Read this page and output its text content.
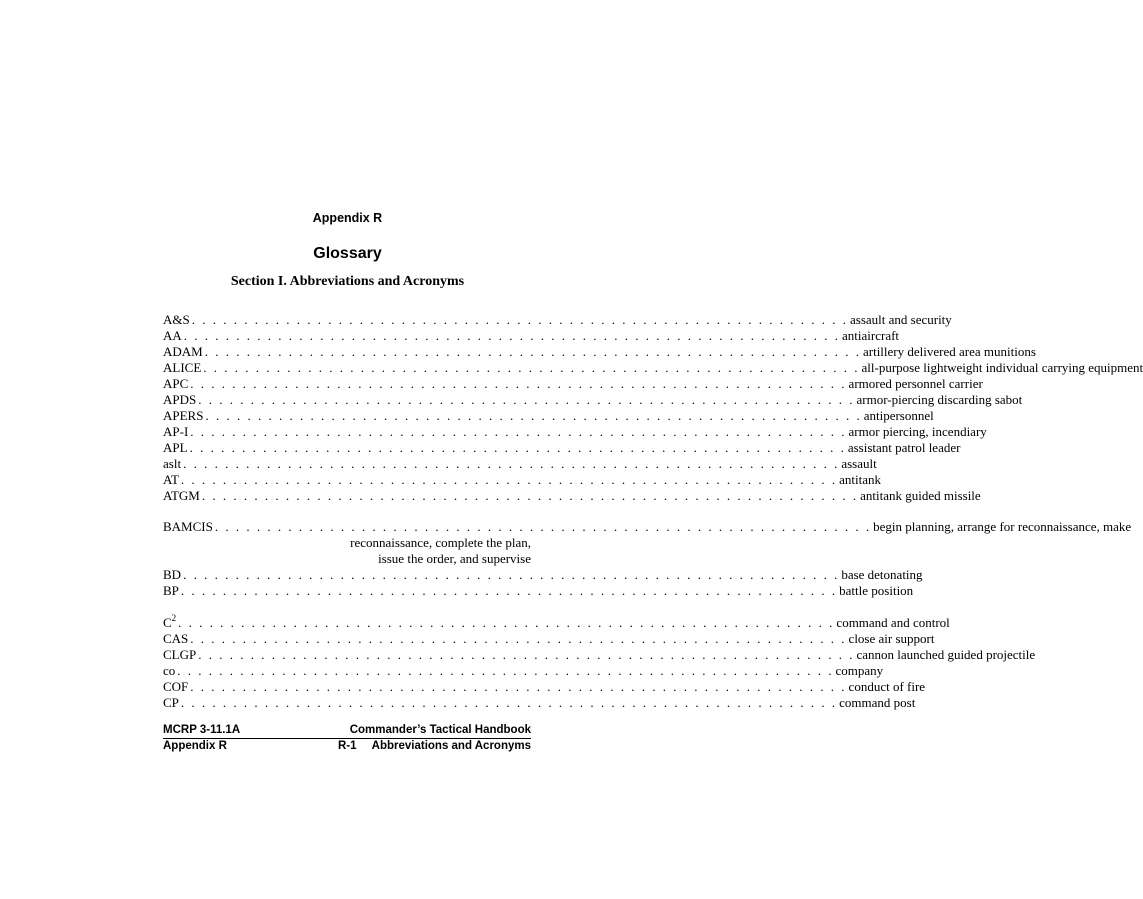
Appendix R
Glossary
Section I. Abbreviations and Acronyms
A&S . . . . . . . . . . . . . . . . . . . . . . . . . . . . . . . . . . . . . . . . . . . . . . . . . . . . . . . . . . . . . . . assault and security
AA . . . . . . . . . . . . . . . . . . . . . . . . . . . . . . . . . . . . . . . . . . . . . . . . . . . . . . . . . . . . . . . antiaircraft
ADAM . . . . . . . . . . . . . . . . . . . . . . . . . . . . . . . . . . . . . . . . . . . . . . . . . . . . . . . . . . . . . . . artillery delivered area munitions
ALICE . . . . . . . . . . . . . . . . . . . . . . . . . . . . . . . . . . . . . . . . . . . . . . . . . . . . . . . . . . . . . . . all-purpose lightweight individual carrying equipment
APC . . . . . . . . . . . . . . . . . . . . . . . . . . . . . . . . . . . . . . . . . . . . . . . . . . . . . . . . . . . . . . . armored personnel carrier
APDS . . . . . . . . . . . . . . . . . . . . . . . . . . . . . . . . . . . . . . . . . . . . . . . . . . . . . . . . . . . . . . . armor-piercing discarding sabot
APERS . . . . . . . . . . . . . . . . . . . . . . . . . . . . . . . . . . . . . . . . . . . . . . . . . . . . . . . . . . . . . . . antipersonnel
AP-I . . . . . . . . . . . . . . . . . . . . . . . . . . . . . . . . . . . . . . . . . . . . . . . . . . . . . . . . . . . . . . . armor piercing, incendiary
APL . . . . . . . . . . . . . . . . . . . . . . . . . . . . . . . . . . . . . . . . . . . . . . . . . . . . . . . . . . . . . . . assistant patrol leader
aslt . . . . . . . . . . . . . . . . . . . . . . . . . . . . . . . . . . . . . . . . . . . . . . . . . . . . . . . . . . . . . . . assault
AT . . . . . . . . . . . . . . . . . . . . . . . . . . . . . . . . . . . . . . . . . . . . . . . . . . . . . . . . . . . . . . . antitank
ATGM . . . . . . . . . . . . . . . . . . . . . . . . . . . . . . . . . . . . . . . . . . . . . . . . . . . . . . . . . . . . . . . antitank guided missile
BAMCIS . . . . . . . . . . . . . . . . . . . . . . . . . . . . . . . . . . . . . . . . . . . . . . . . . . . . . . . . . . . . . . . begin planning, arrange for reconnaissance, make
reconnaissance, complete the plan,
issue the order, and supervise
BD . . . . . . . . . . . . . . . . . . . . . . . . . . . . . . . . . . . . . . . . . . . . . . . . . . . . . . . . . . . . . . . base detonating
BP . . . . . . . . . . . . . . . . . . . . . . . . . . . . . . . . . . . . . . . . . . . . . . . . . . . . . . . . . . . . . . . battle position
$C^2$ . . . . . . . . . . . . . . . . . . . . . . . . . . . . . . . . . . . . . . . . . . . . . . . . . . . . . . . . . . . . . . . command and control
CAS . . . . . . . . . . . . . . . . . . . . . . . . . . . . . . . . . . . . . . . . . . . . . . . . . . . . . . . . . . . . . . . close air support
CLGP . . . . . . . . . . . . . . . . . . . . . . . . . . . . . . . . . . . . . . . . . . . . . . . . . . . . . . . . . . . . . . . cannon launched guided projectile
co . . . . . . . . . . . . . . . . . . . . . . . . . . . . . . . . . . . . . . . . . . . . . . . . . . . . . . . . . . . . . . . company
COF . . . . . . . . . . . . . . . . . . . . . . . . . . . . . . . . . . . . . . . . . . . . . . . . . . . . . . . . . . . . . . . conduct of fire
CP . . . . . . . . . . . . . . . . . . . . . . . . . . . . . . . . . . . . . . . . . . . . . . . . . . . . . . . . . . . . . . . command post
MCRP 3-11.1A	Commander’s Tactical Handbook
Appendix R	R-1 Abbreviations and Acronyms
